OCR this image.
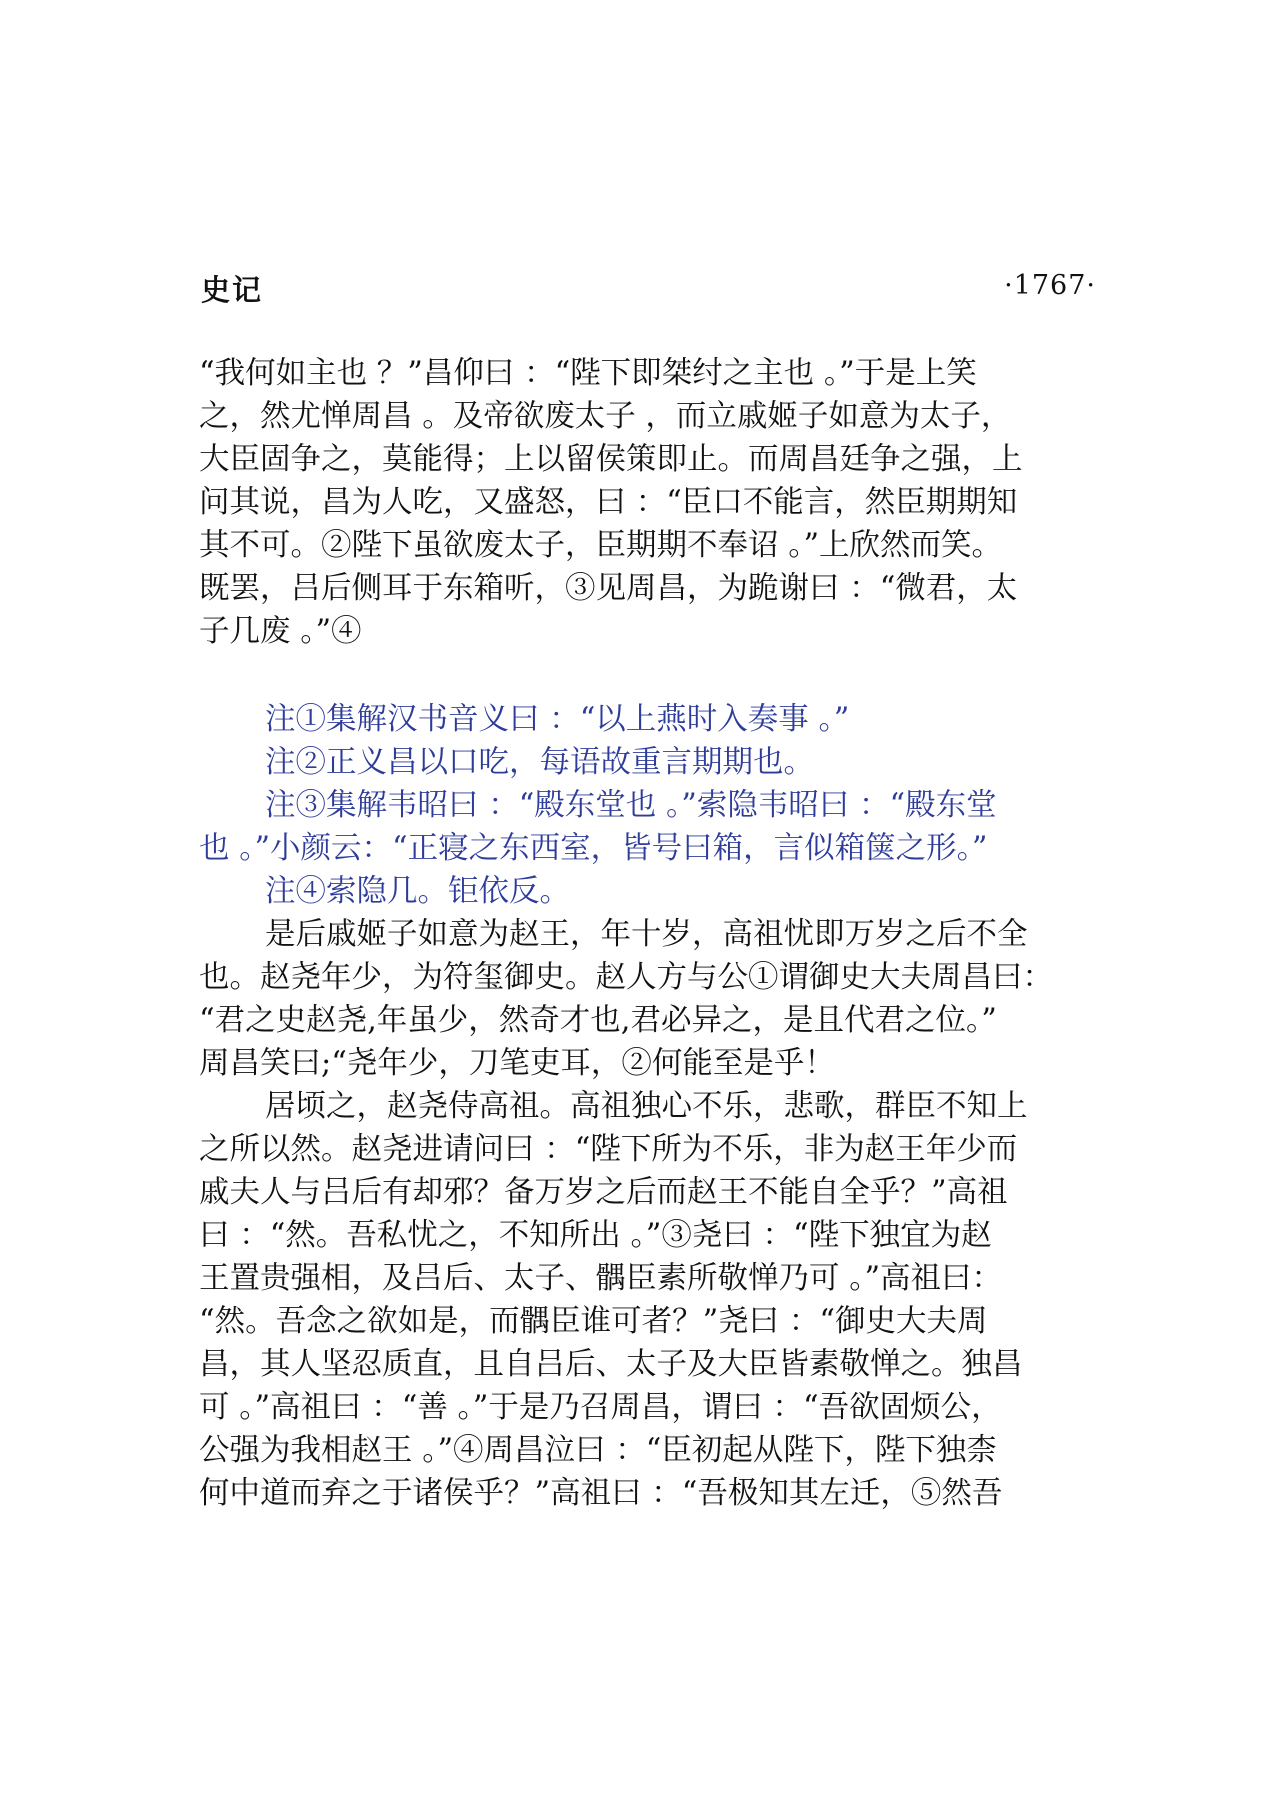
史记	·1767·
“我何如主也 ？”昌仰曰 ：“陛下即桀纣之主也 。”于是上笑
之，然尤惮周昌 。及帝欲废太子 ，而立戚姬子如意为太子，
大臣固争之，莫能得；上以留侯策即止。而周昌廷争之强，上
问其说，昌为人吃，又盛怒，曰 ：“臣口不能言，然臣期期知
其不可。②陛下虽欲废太子，臣期期不奉诏 。”上欣然而笑。
既罢，吕后侧耳于东箱听，③见周昌，为跪谢曰 ：“微君，太
子几废 。”④
注①集解汉书音义曰 ：“以上燕时入奏事 。”
注②正义昌以口吃，每语故重言期期也。
注③集解韦昭曰 ：“殿东堂也 。”索隐韦昭曰 ：“殿东堂
也 。”小颜云：“正寝之东西室，皆号曰箱，言似箱箧之形。”
注④索隐几。钜依反。
是后戚姬子如意为赵王，年十岁，高祖忧即万岁之后不全
也。赵尧年少，为符玺御史。赵人方与公①谓御史大夫周昌曰：
“君之史赵尧,年虽少，然奇才也,君必异之，是且代君之位。”
周昌笑曰;“尧年少，刀笔吏耳，②何能至是乎！
居顷之，赵尧侍高祖。高祖独心不乐，悲歌，群臣不知上
之所以然。赵尧进请问曰 ：“陛下所为不乐，非为赵王年少而
戚夫人与吕后有却邪？备万岁之后而赵王不能自全乎？”高祖
曰 ：“然。吾私忧之，不知所出 。”③尧曰 ：“陛下独宜为赵
王置贵强相，及吕后、太子、髃臣素所敬惮乃可 。”高祖曰：
“然。吾念之欲如是，而髃臣谁可者？”尧曰 ：“御史大夫周
昌，其人坚忍质直，且自吕后、太子及大臣皆素敬惮之。独昌
可 。”高祖曰 ：“善 。”于是乃召周昌，谓曰 ：“吾欲固烦公，
公强为我相赵王 。”④周昌泣曰 ：“臣初起从陛下，陛下独柰
何中道而弃之于诸侯乎？”高祖曰 ：“吾极知其左迁，⑤然吾
